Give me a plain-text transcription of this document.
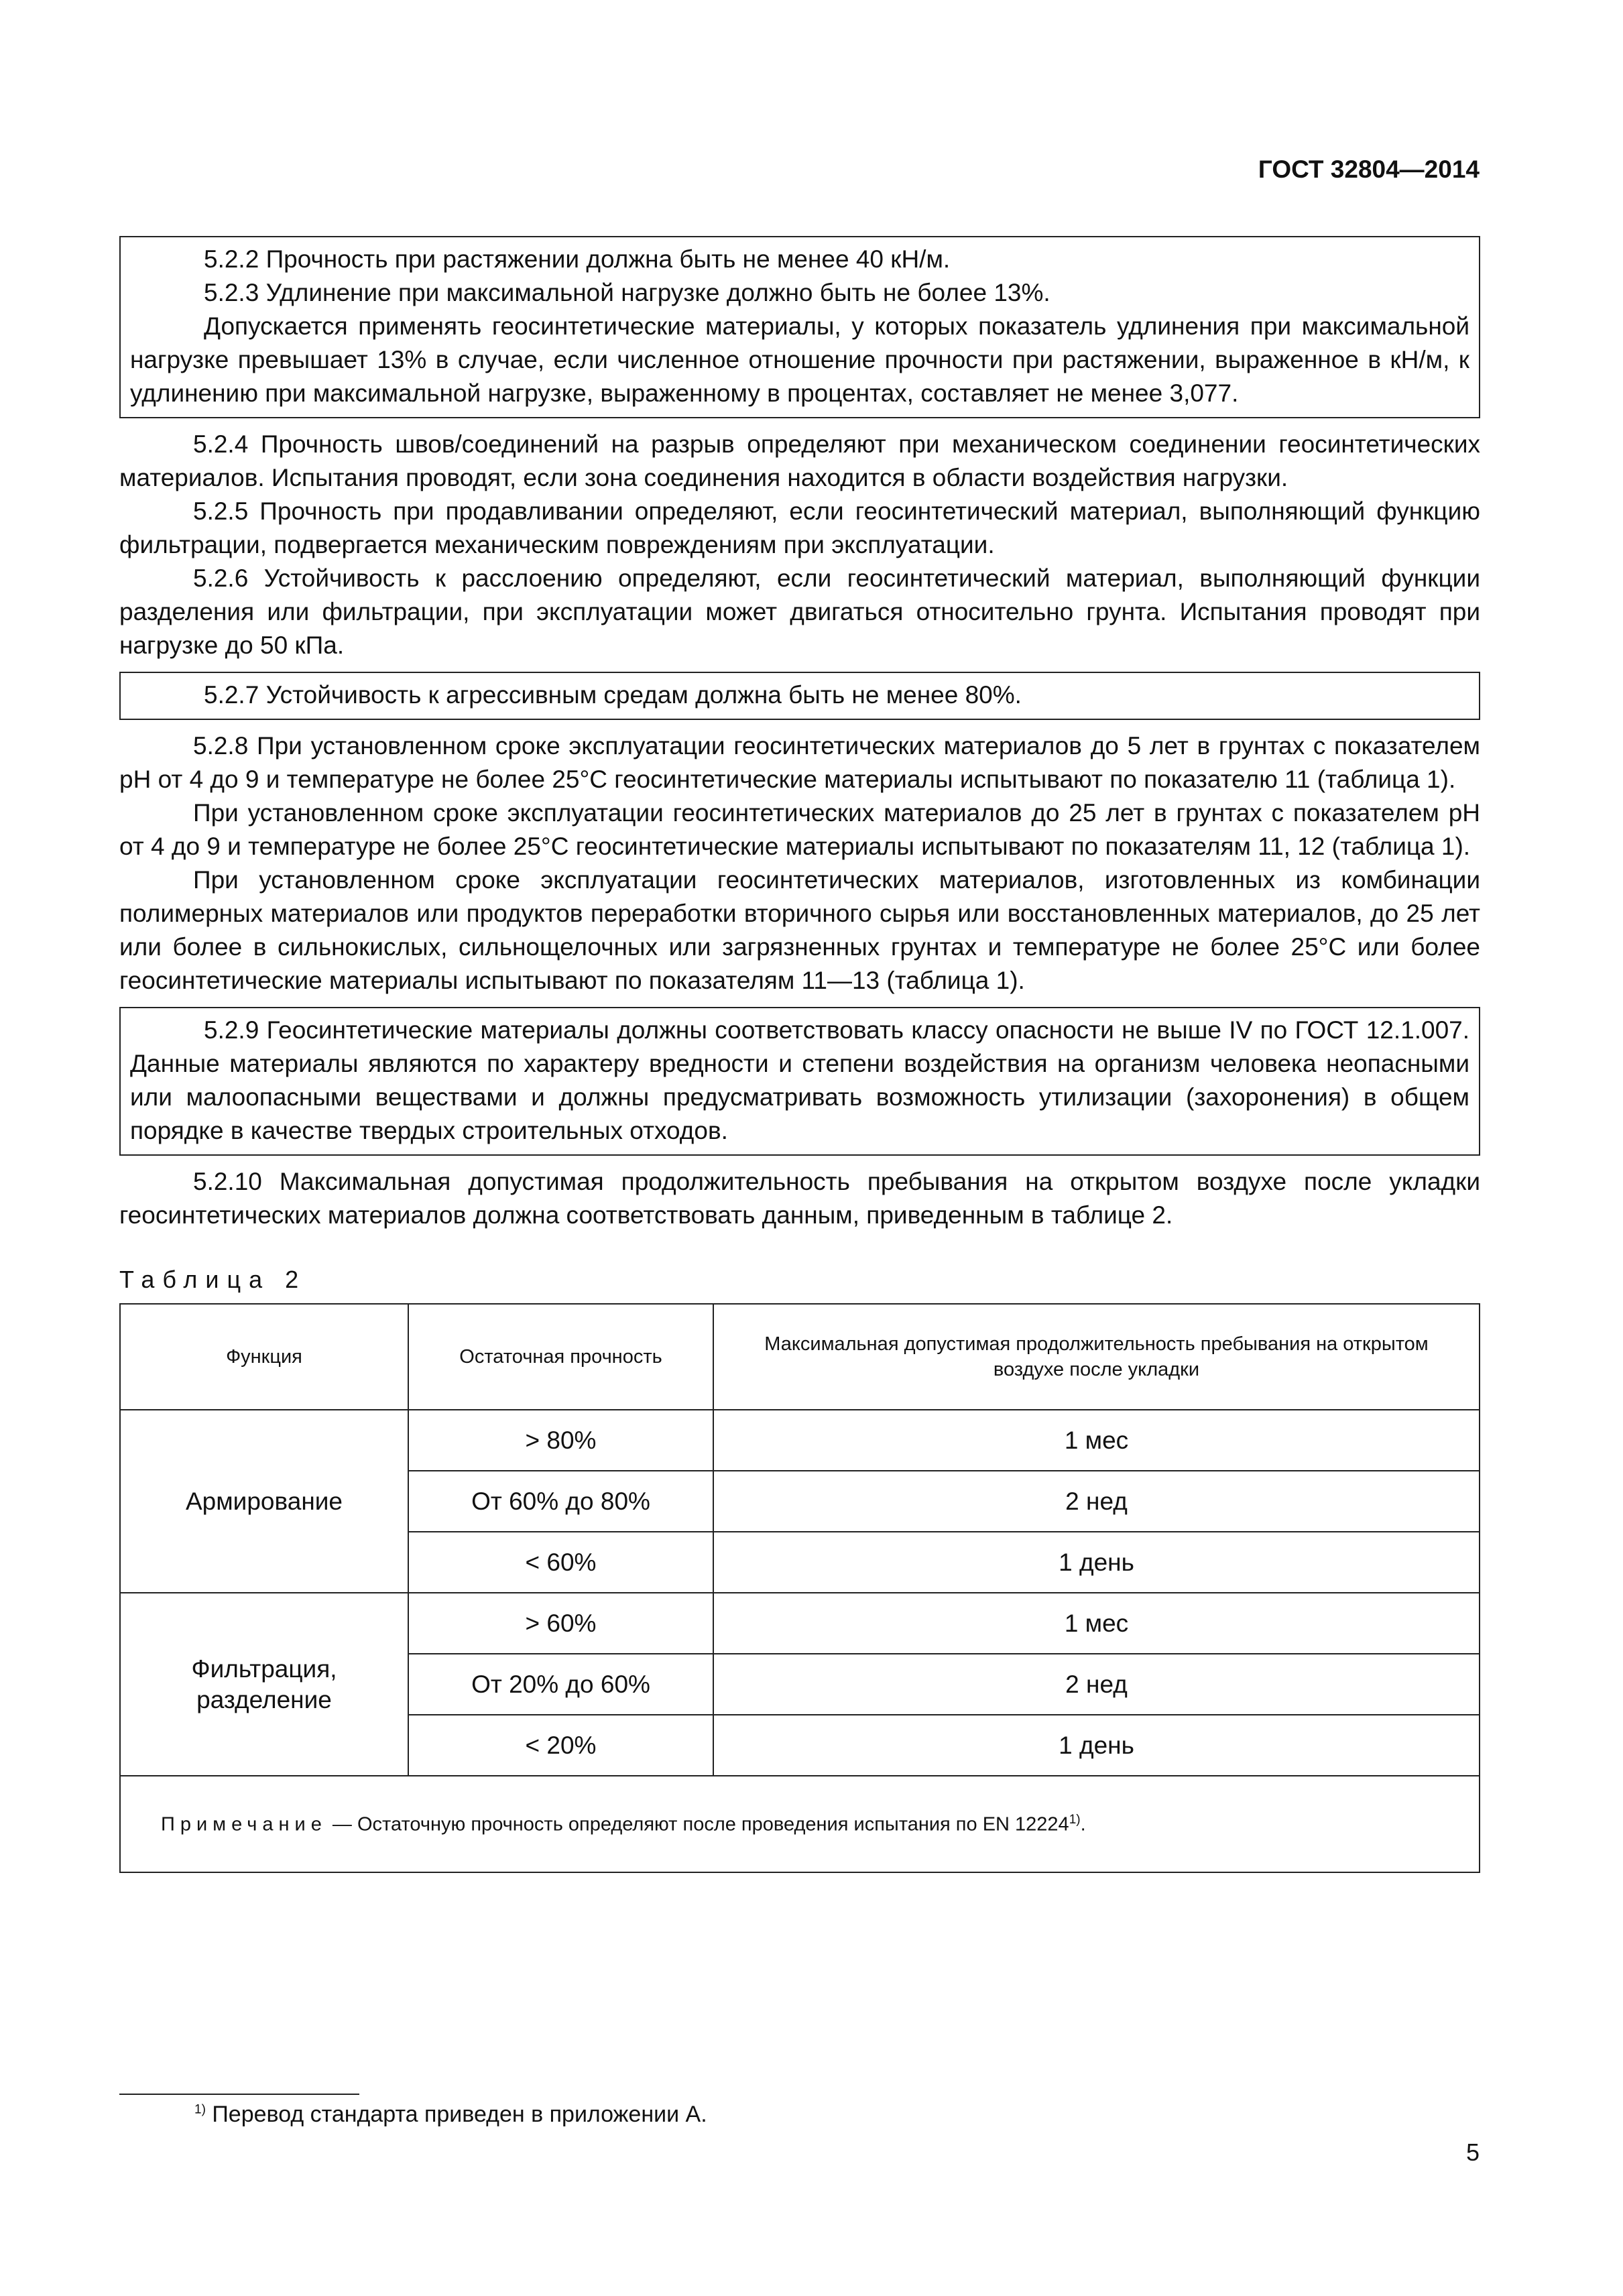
ГОСТ 32804—2014

5.2.2 Прочность при растяжении должна быть не менее 40 кН/м.

5.2.3 Удлинение при максимальной нагрузке должно быть не более 13%.

Допускается применять геосинтетические материалы, у которых показатель удлинения при максимальной нагрузке превышает 13% в случае, если численное отношение прочности при растяжении, выраженное в кН/м, к удлинению при максимальной нагрузке, выраженному в процентах, составляет не менее 3,077.

5.2.4 Прочность швов/соединений на разрыв определяют при механическом соединении геосинтетических материалов. Испытания проводят, если зона соединения находится в области воздействия нагрузки.

5.2.5 Прочность при продавливании определяют, если геосинтетический материал, выполняющий функцию фильтрации, подвергается механическим повреждениям при эксплуатации.

5.2.6 Устойчивость к расслоению определяют, если геосинтетический материал, выполняющий функции разделения или фильтрации, при эксплуатации может двигаться относительно грунта. Испытания проводят при нагрузке до 50 кПа.

5.2.7 Устойчивость к агрессивным средам должна быть не менее 80%.

5.2.8 При установленном сроке эксплуатации геосинтетических материалов до 5 лет в грунтах с показателем pH от 4 до 9 и температуре не более 25°С геосинтетические материалы испытывают по показателю 11 (таблица 1).

При установленном сроке эксплуатации геосинтетических материалов до 25 лет в грунтах с показателем pH от 4 до 9 и температуре не более 25°С геосинтетические материалы испытывают по показателям 11, 12 (таблица 1).

При установленном сроке эксплуатации геосинтетических материалов, изготовленных из комбинации полимерных материалов или продуктов переработки вторичного сырья или восстановленных материалов, до 25 лет или более в сильнокислых, сильнощелочных или загрязненных грунтах и температуре не более 25°С или более геосинтетические материалы испытывают по показателям 11—13 (таблица 1).

5.2.9 Геосинтетические материалы должны соответствовать классу опасности не выше IV по ГОСТ 12.1.007. Данные материалы являются по характеру вредности и степени воздействия на организм человека неопасными или малоопасными веществами и должны предусматривать возможность утилизации (захоронения) в общем порядке в качестве твердых строительных отходов.

5.2.10 Максимальная допустимая продолжительность пребывания на открытом воздухе после укладки геосинтетических материалов должна соответствовать данным, приведенным в таблице 2.

Таблица 2
Функция	Остаточная прочность	Максимальная допустимая продолжительность пребывания на открытом воздухе после укладки
Армирование	> 80%	1 мес
	От 60% до 80%	2 нед
	< 60%	1 день

Фильтрация, разделение	> 60%	1 мес
	От 20% до 60%	2 нед
	< 20%	1 день
Примечание — Остаточную прочность определяют после проведения испытания по EN 12224$^{1)}$.		
$^{1)}$ Перевод стандарта приведен в приложении А.
5
